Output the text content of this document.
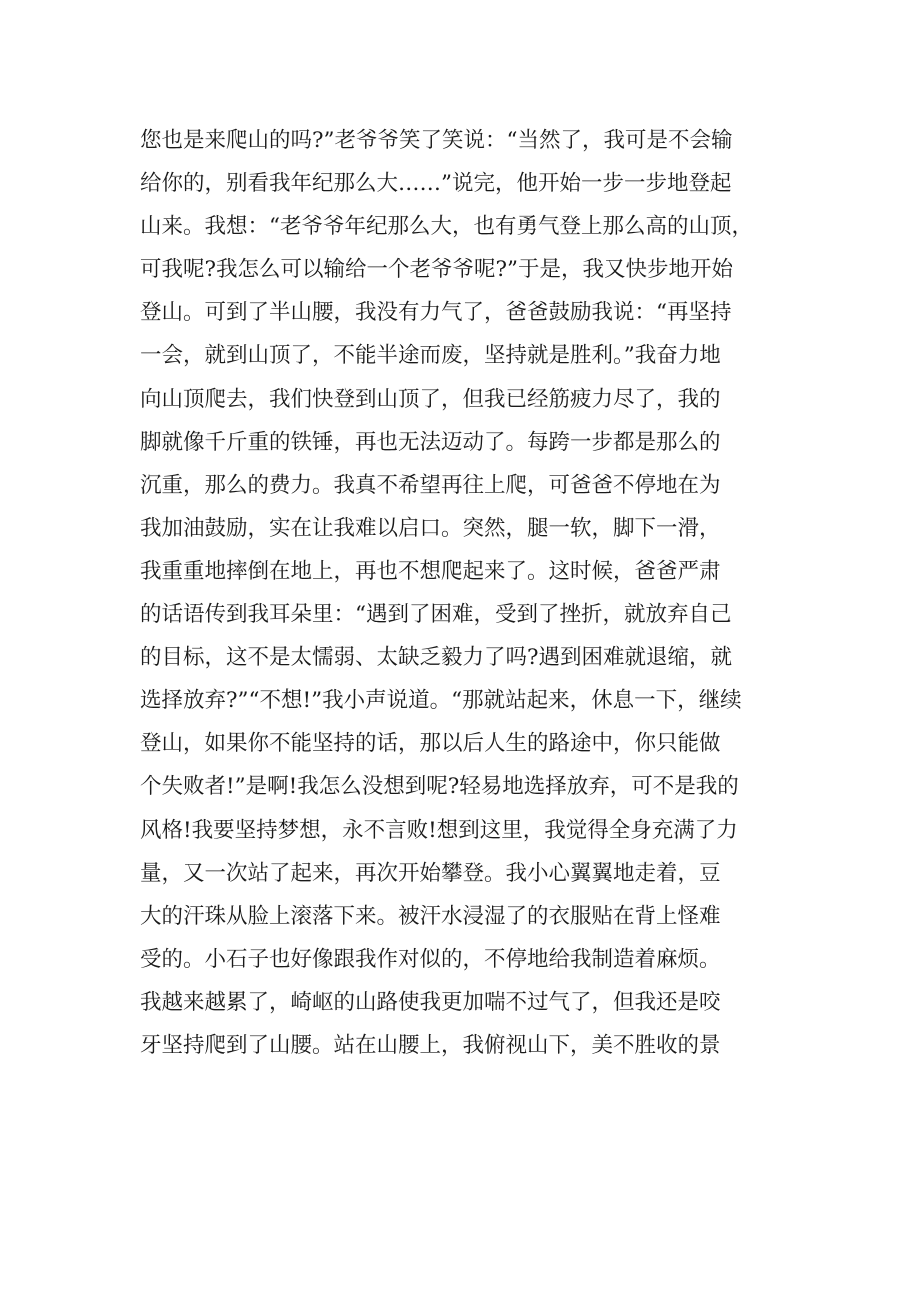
您也是来爬山的吗?”老爷爷笑了笑说：“当然了，我可是不会输
给你的，别看我年纪那么大……”说完，他开始一步一步地登起
山来。我想：“老爷爷年纪那么大，也有勇气登上那么高的山顶，
可我呢?我怎么可以输给一个老爷爷呢?”于是，我又快步地开始
登山。可到了半山腰，我没有力气了，爸爸鼓励我说：“再坚持
一会，就到山顶了，不能半途而废，坚持就是胜利。”我奋力地
向山顶爬去，我们快登到山顶了，但我已经筋疲力尽了，我的
脚就像千斤重的铁锤，再也无法迈动了。每跨一步都是那么的
沉重，那么的费力。我真不希望再往上爬，可爸爸不停地在为
我加油鼓励，实在让我难以启口。突然，腿一软，脚下一滑，
我重重地摔倒在地上，再也不想爬起来了。这时候，爸爸严肃
的话语传到我耳朵里：“遇到了困难，受到了挫折，就放弃自己
的目标，这不是太懦弱、太缺乏毅力了吗?遇到困难就退缩，就
选择放弃?”“不想!”我小声说道。“那就站起来，休息一下，继续
登山，如果你不能坚持的话，那以后人生的路途中，你只能做
个失败者!”是啊!我怎么没想到呢?轻易地选择放弃，可不是我的
风格!我要坚持梦想，永不言败!想到这里，我觉得全身充满了力
量，又一次站了起来，再次开始攀登。我小心翼翼地走着，豆
大的汗珠从脸上滚落下来。被汗水浸湿了的衣服贴在背上怪难
受的。小石子也好像跟我作对似的，不停地给我制造着麻烦。
我越来越累了，崎岖的山路使我更加喘不过气了，但我还是咬
牙坚持爬到了山腰。站在山腰上，我俯视山下，美不胜收的景
